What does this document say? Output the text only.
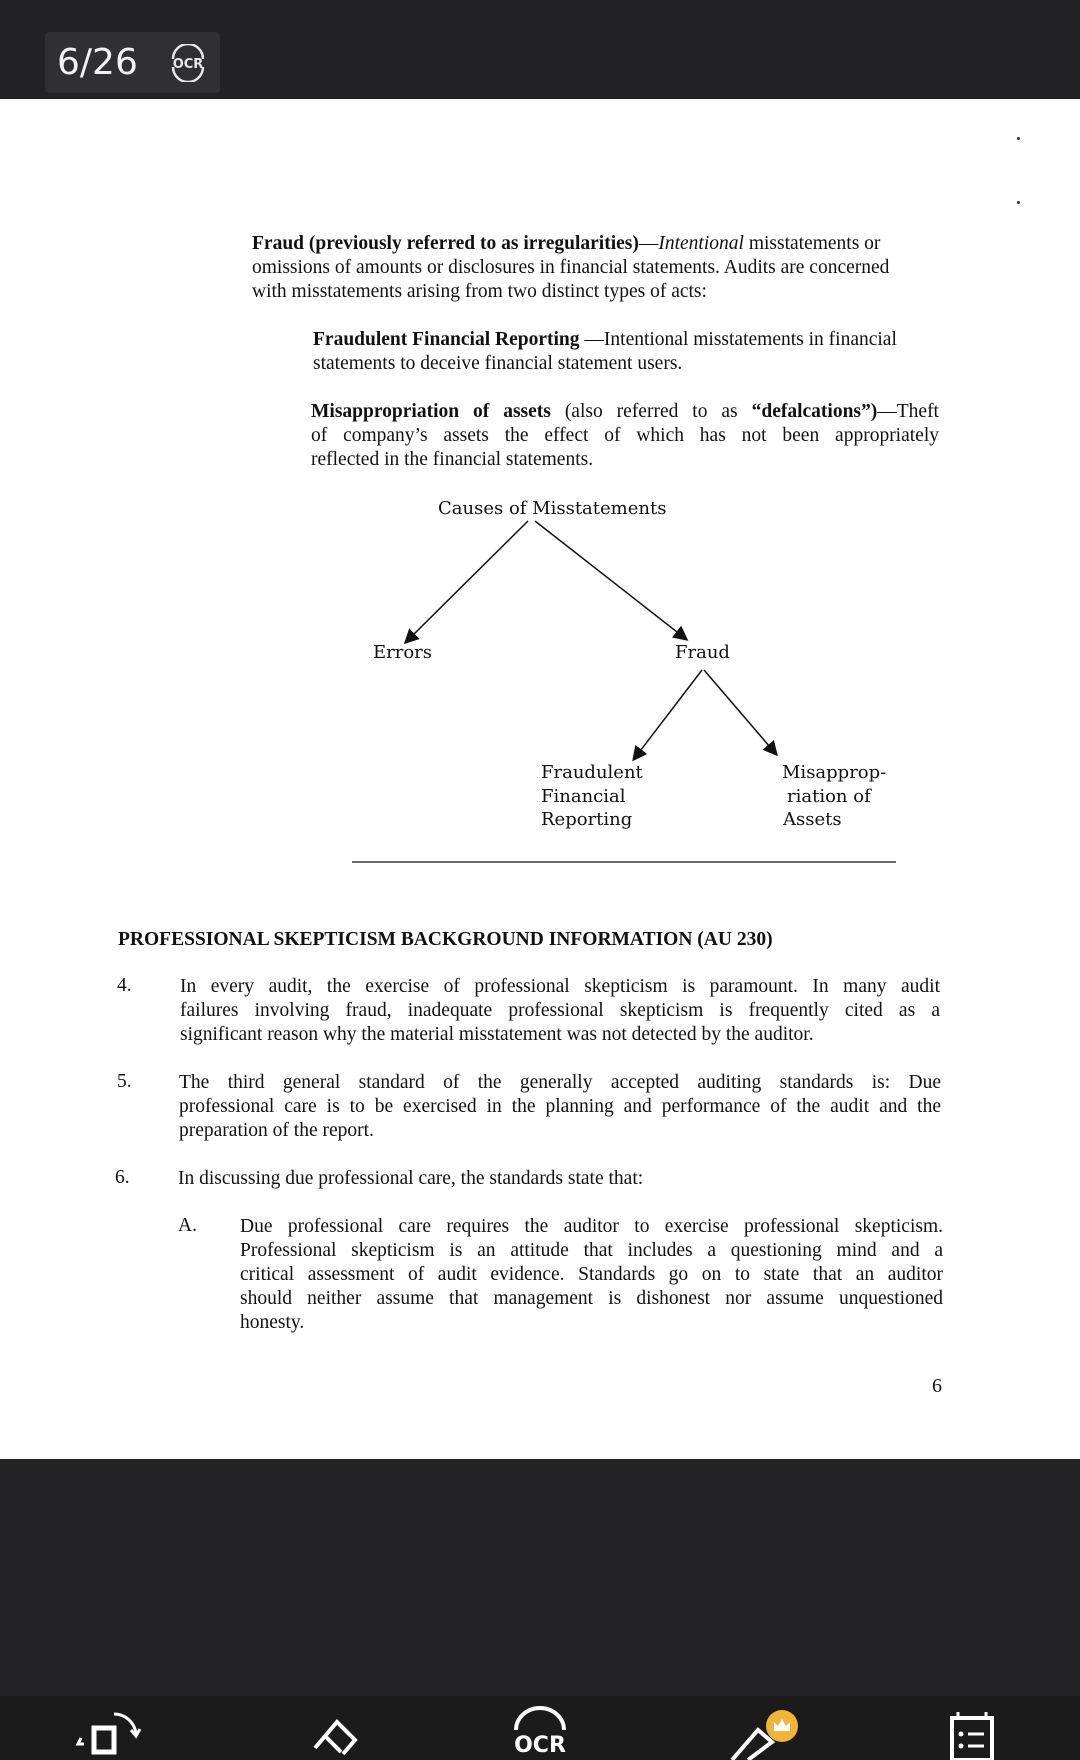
6/26	OCR
Fraud (previously referred to as irregularities)—Intentional misstatements or
omissions of amounts or disclosures in financial statements. Audits are concerned
with misstatements arising from two distinct types of acts:
Fraudulent Financial Reporting —Intentional misstatements in financial
statements to deceive financial statement users.
Misappropriation of assets (also referred to as “defalcations”)—Theft
of company’s assets the effect of which has not been appropriately
reflected in the financial statements.
Causes of Misstatements
Errors	Fraud
Fraudulent
Financial
Reporting
Misapprop-
riation of
Assets
PROFESSIONAL SKEPTICISM BACKGROUND INFORMATION (AU 230)
4. In every audit, the exercise of professional skepticism is paramount. In many audit
failures involving fraud, inadequate professional skepticism is frequently cited as a
significant reason why the material misstatement was not detected by the auditor.
5. The third general standard of the generally accepted auditing standards is: Due
professional care is to be exercised in the planning and performance of the audit and the
preparation of the report.
6. In discussing due professional care, the standards state that:
A. Due professional care requires the auditor to exercise professional skepticism.
Professional skepticism is an attitude that includes a questioning mind and a
critical assessment of audit evidence. Standards go on to state that an auditor
should neither assume that management is dishonest nor assume unquestioned
honesty.
6
OCR
